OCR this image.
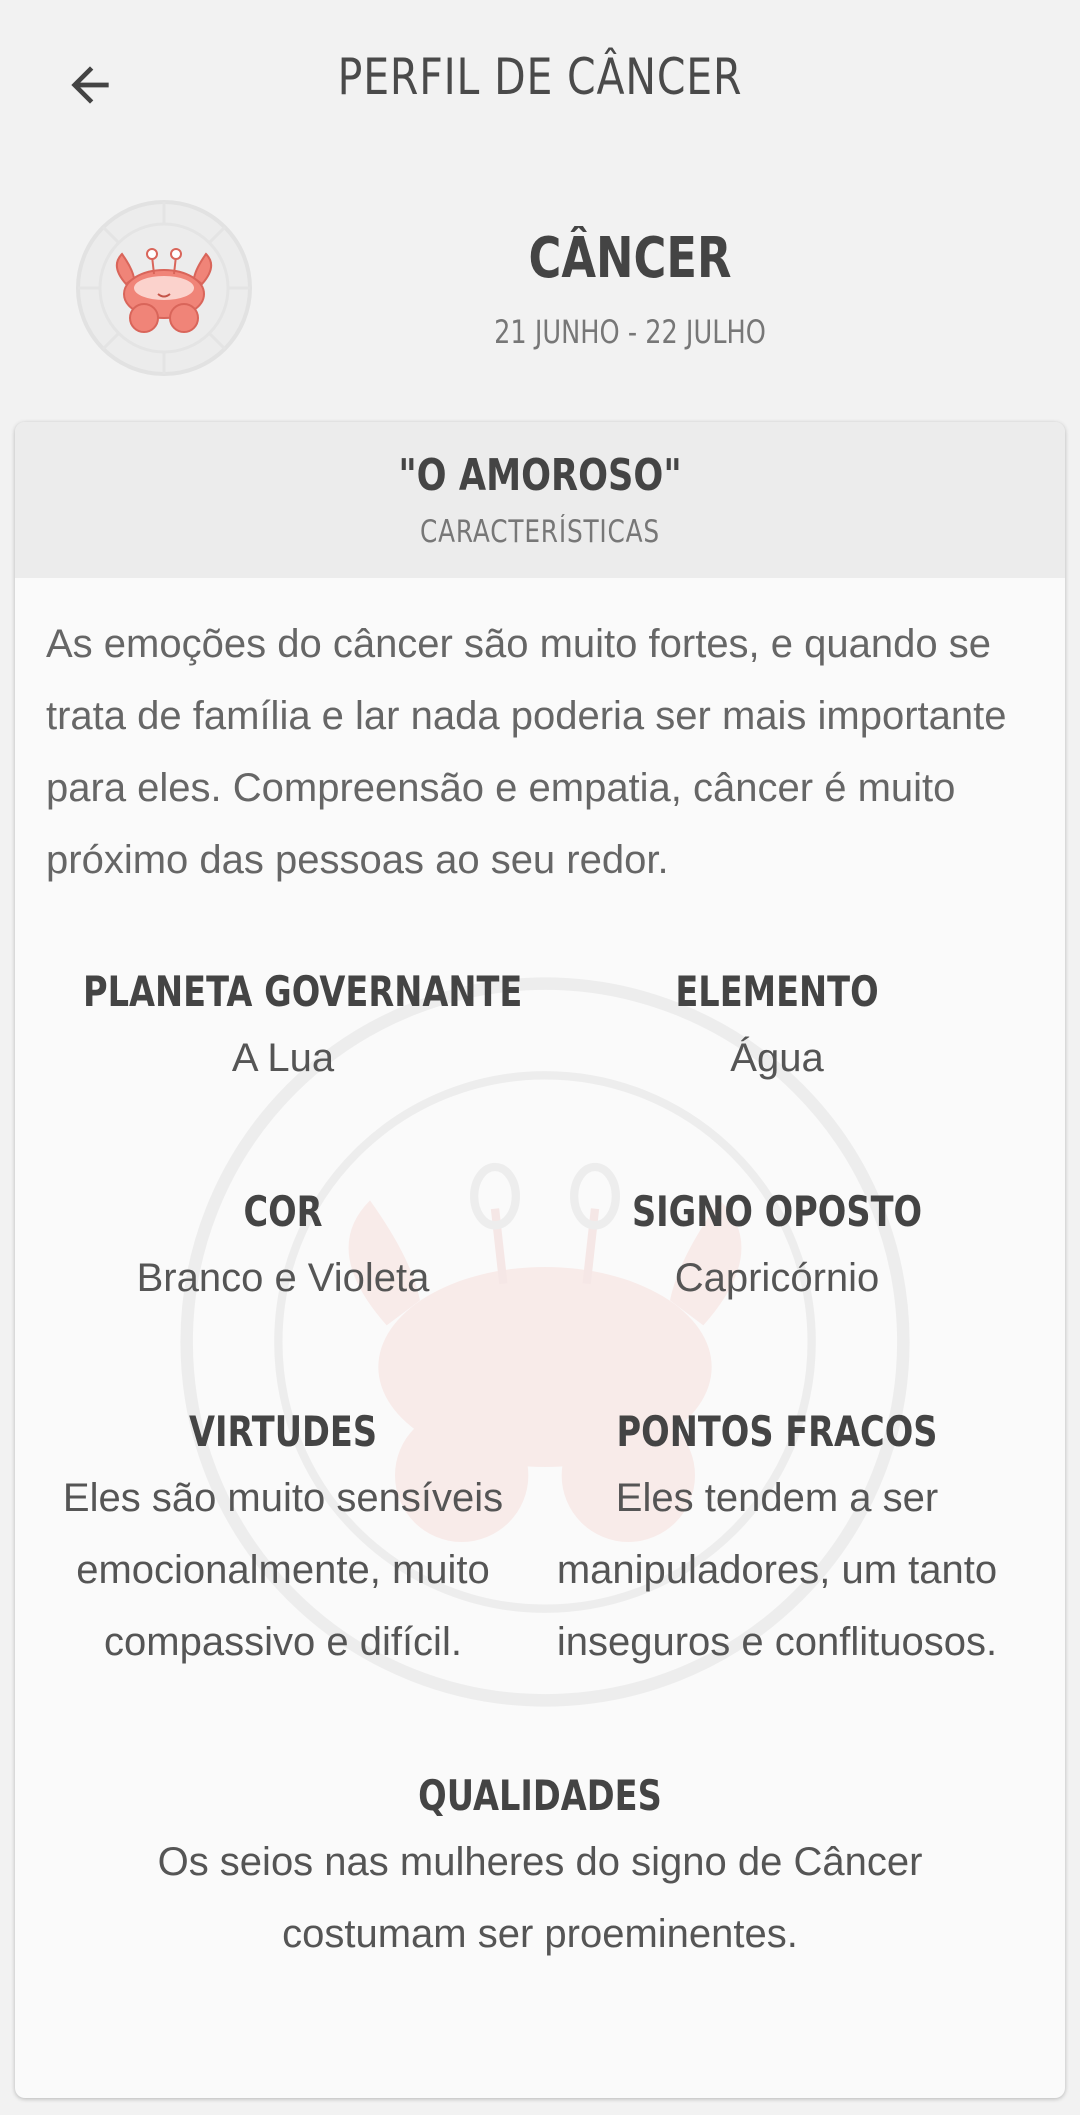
PERFIL DE CÂNCER
CÂNCER
21 JUNHO - 22 JULHO
"O AMOROSO"
CARACTERÍSTICAS
As emoções do câncer são muito fortes, e quando se trata de família e lar nada poderia ser mais importante para eles. Compreensão e empatia, câncer é muito próximo das pessoas ao seu redor.
PLANETA GOVERNANTE
A Lua
ELEMENTO
Água
COR
Branco e Violeta
SIGNO OPOSTO
Capricórnio
VIRTUDES
Eles são muito sensíveis emocionalmente, muito compassivo e difícil.
PONTOS FRACOS
Eles tendem a ser manipuladores, um tanto inseguros e conflituosos.
QUALIDADES
Os seios nas mulheres do signo de Câncer costumam ser proeminentes.
